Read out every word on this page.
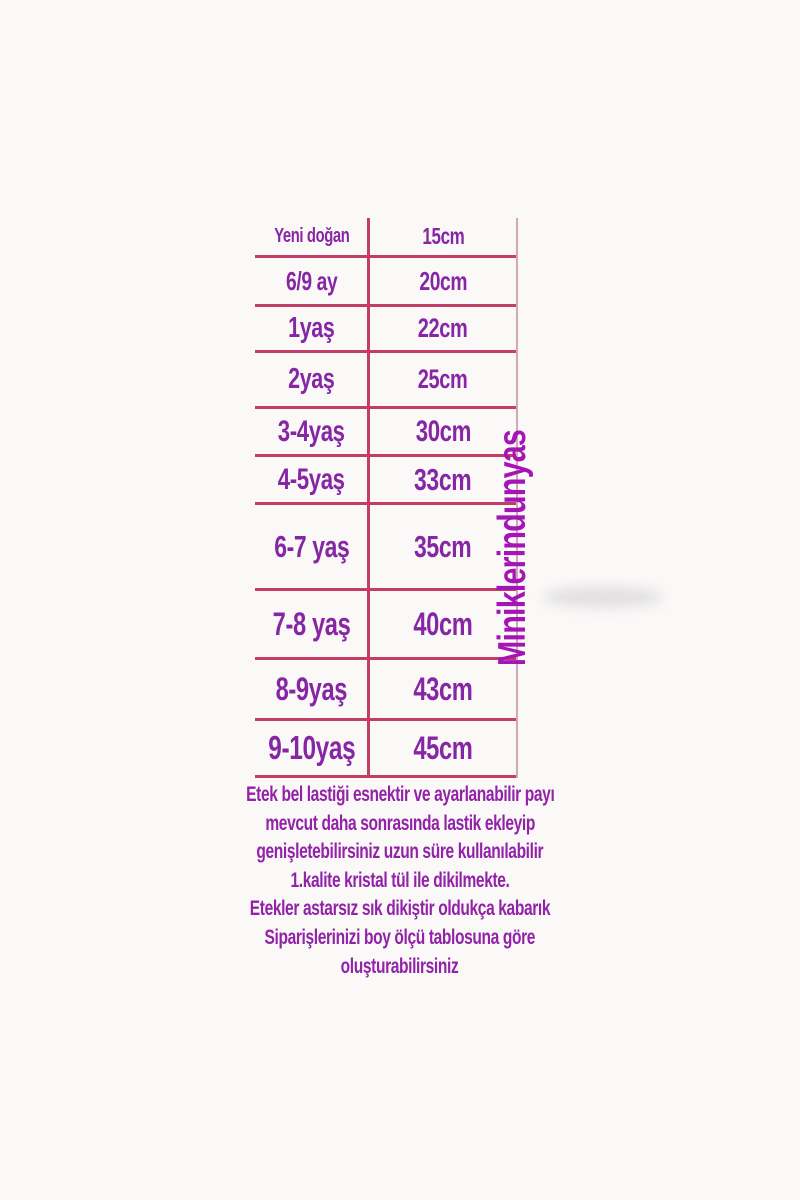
Yeni doğan	15cm
6/9 ay	20cm
1yaş	22cm
2yaş	25cm
3-4yaş 30cm
4-5yaş 33cm
6-7 yaş 35cm
7-8 yaş 40cm
8-9yaş 43cm
9-10yaş 45cm
Miniklerindunyas
Etek bel lastiği esnektir ve ayarlanabilir payı
mevcut daha sonrasında lastik ekleyip
genişletebilirsiniz uzun süre kullanılabilir
1.kalite kristal tül ile dikilmekte.
Etekler astarsız sık dikiştir oldukça kabarık
Siparişlerinizi boy ölçü tablosuna göre
oluşturabilirsiniz
